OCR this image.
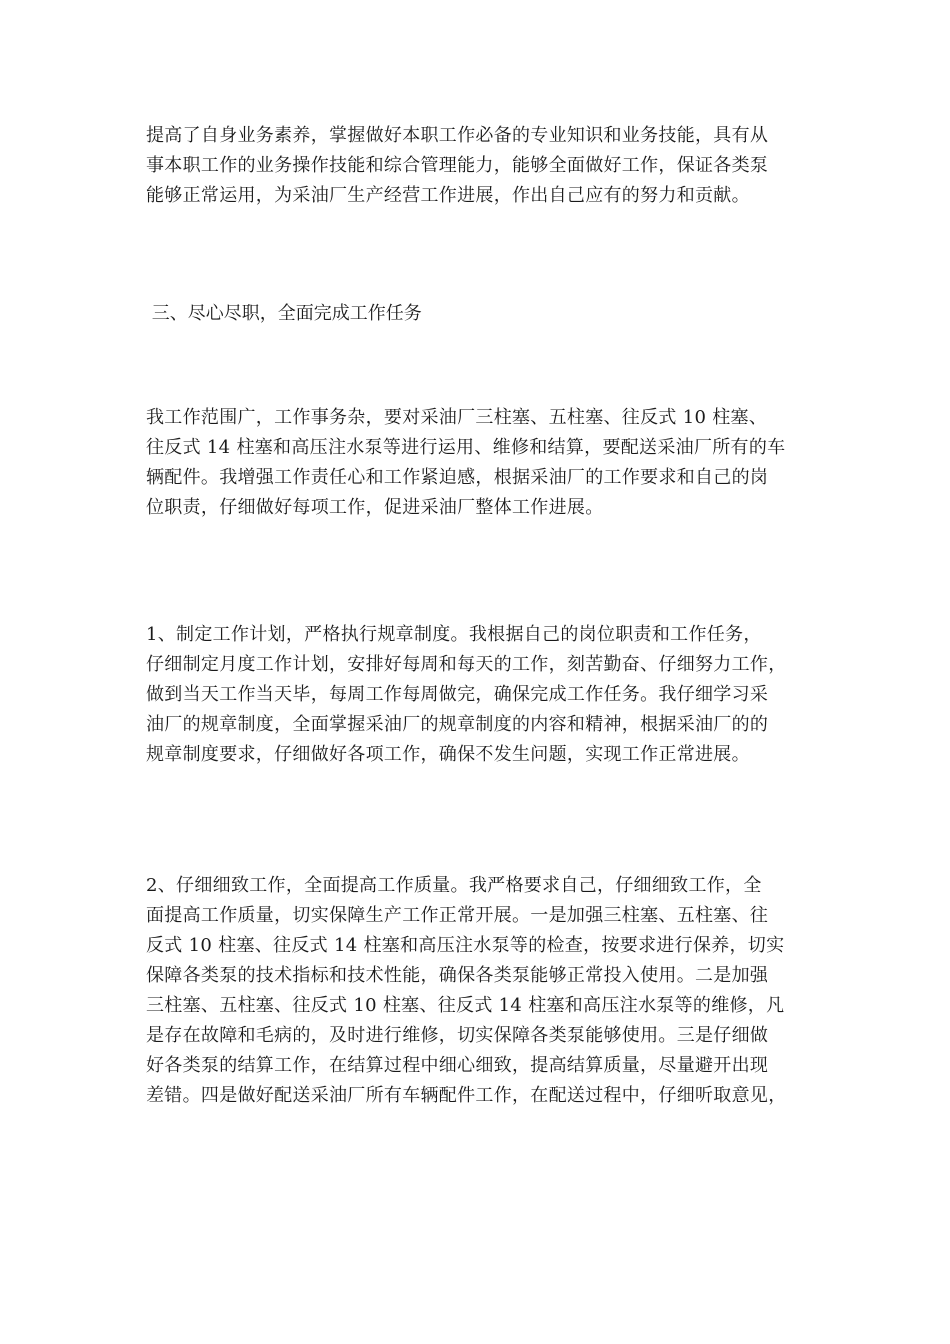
提高了自身业务素养，掌握做好本职工作必备的专业知识和业务技能，具有从
事本职工作的业务操作技能和综合管理能力，能够全面做好工作，保证各类泵
能够正常运用，为采油厂生产经营工作进展，作出自己应有的努力和贡献。
三、尽心尽职，全面完成工作任务
我工作范围广，工作事务杂，要对采油厂三柱塞、五柱塞、往反式 10 柱塞、
往反式 14 柱塞和高压注水泵等进行运用、维修和结算，要配送采油厂所有的车
辆配件。我增强工作责任心和工作紧迫感，根据采油厂的工作要求和自己的岗
位职责，仔细做好每项工作，促进采油厂整体工作进展。
1、制定工作计划，严格执行规章制度。我根据自己的岗位职责和工作任务，
仔细制定月度工作计划，安排好每周和每天的工作，刻苦勤奋、仔细努力工作，
做到当天工作当天毕，每周工作每周做完，确保完成工作任务。我仔细学习采
油厂的规章制度，全面掌握采油厂的规章制度的内容和精神，根据采油厂的的
规章制度要求，仔细做好各项工作，确保不发生问题，实现工作正常进展。
2、仔细细致工作，全面提高工作质量。我严格要求自己，仔细细致工作，全
面提高工作质量，切实保障生产工作正常开展。一是加强三柱塞、五柱塞、往
反式 10 柱塞、往反式 14 柱塞和高压注水泵等的检查，按要求进行保养，切实
保障各类泵的技术指标和技术性能，确保各类泵能够正常投入使用。二是加强
三柱塞、五柱塞、往反式 10 柱塞、往反式 14 柱塞和高压注水泵等的维修，凡
是存在故障和毛病的，及时进行维修，切实保障各类泵能够使用。三是仔细做
好各类泵的结算工作，在结算过程中细心细致，提高结算质量，尽量避开出现
差错。四是做好配送采油厂所有车辆配件工作，在配送过程中，仔细听取意见，
